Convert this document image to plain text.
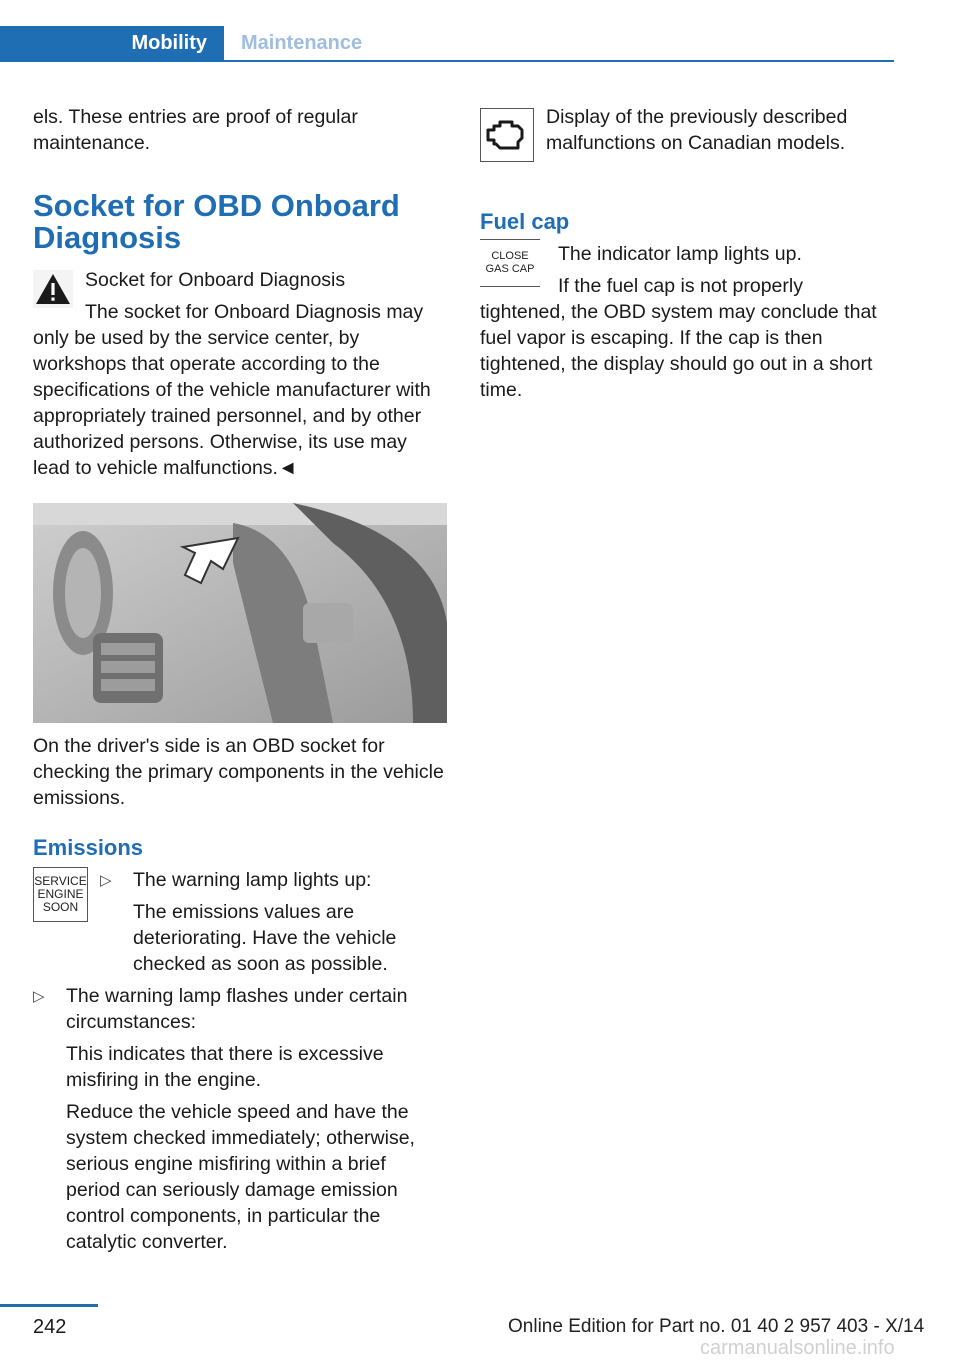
Mobility Maintenance

els. These entries are proof of regular maintenance.

Socket for OBD Onboard Diagnosis

Socket for Onboard Diagnosis

The socket for Onboard Diagnosis may only be used by the service center, by workshops that operate according to the specifications of the vehicle manufacturer with appropriately trained personnel, and by other authorized persons. Otherwise, its use may lead to vehicle malfunctions.◄

On the driver's side is an OBD socket for checking the primary components in the vehicle emissions.

Emissions
SERVICE
ENGINE
SOON
▷	The warning lamp lights up:

The emissions values are deteriorating. Have the vehicle checked as soon as possible.

▷	The warning lamp flashes under certain circumstances:

This indicates that there is excessive misfiring in the engine.

Reduce the vehicle speed and have the system checked immediately; otherwise, serious engine misfiring within a brief period can seriously damage emission control components, in particular the catalytic converter.

Display of the previously described malfunctions on Canadian models.

Fuel cap
CLOSE
GAS CAP

The indicator lamp lights up.

If the fuel cap is not properly tightened, the OBD system may conclude that fuel vapor is escaping. If the cap is then tightened, the display should go out in a short time.

242	Online Edition for Part no. 01 40 2 957 403 - X/14
carmanualsonline.info
